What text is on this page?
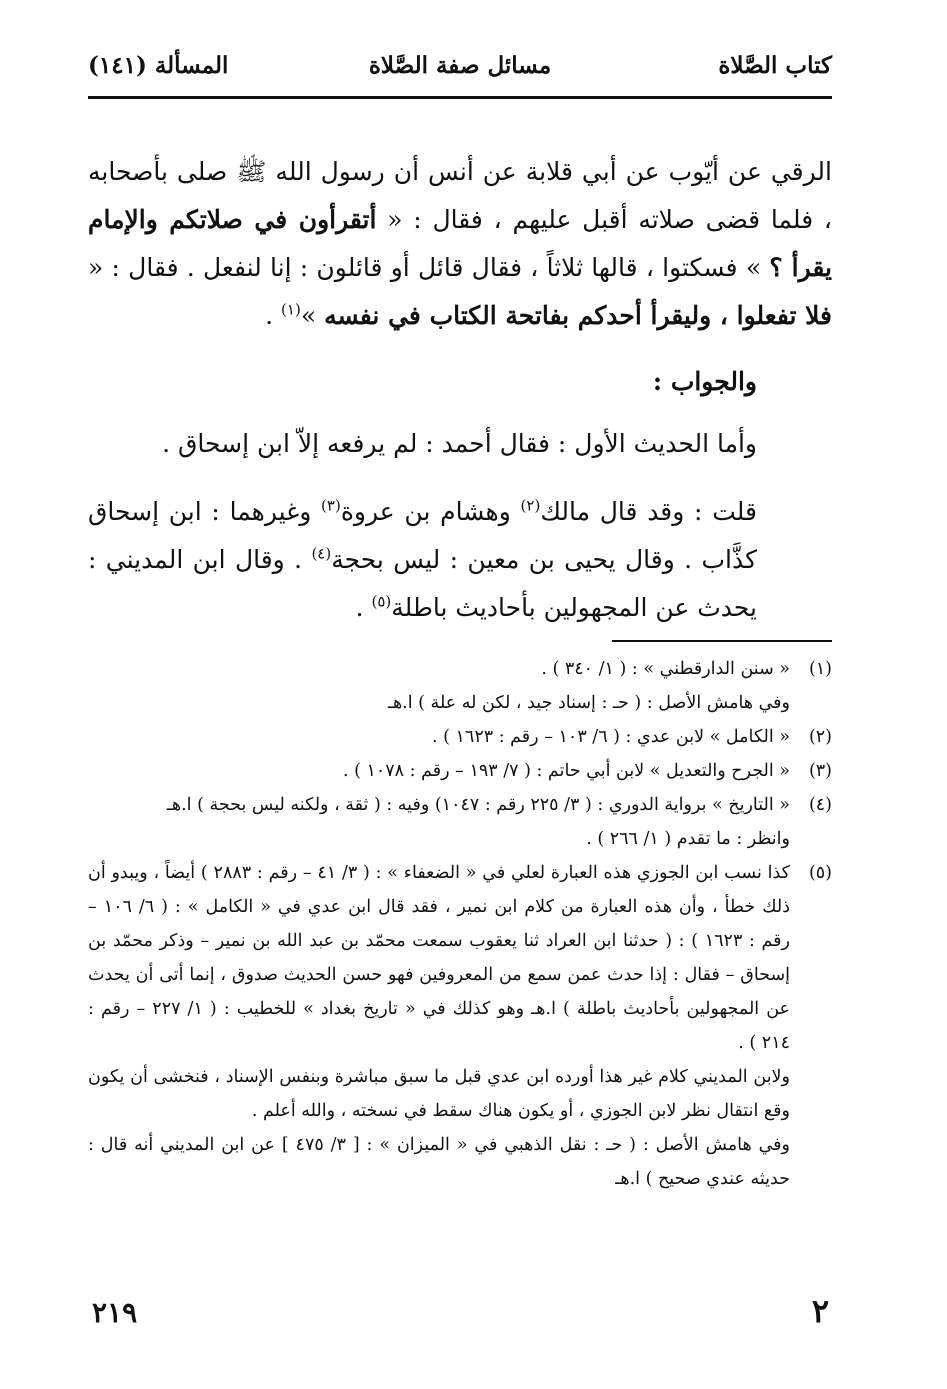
كتاب الصَّلاة
مسائل صفة الصَّلاة
المسألة (١٤١)

الرقي عن أيّوب عن أبي قلابة عن أنس أن رسول الله ﷺ صلى بأصحابه ، فلما قضى صلاته أقبل عليهم ، فقال : « أتقرأون في صلاتكم والإمام يقرأ ؟ » فسكتوا ، قالها ثلاثاً ، فقال قائل أو قائلون : إنا لنفعل . فقال : « فلا تفعلوا ، وليقرأ أحدكم بفاتحة الكتاب في نفسه »$^{(١)}$ .

والجواب :

وأما الحديث الأول : فقال أحمد : لم يرفعه إلاّ ابن إسحاق .

قلت : وقد قال مالك$^{(٢)}$ وهشام بن عروة$^{(٣)}$ وغيرهما : ابن إسحاق كذَّاب . وقال يحيى بن معين : ليس بحجة$^{(٤)}$ . وقال ابن المديني : يحدث عن المجهولين بأحاديث باطلة$^{(٥)}$ .

(١)

« سنن الدارقطني » : ( ١/ ٣٤٠ ) .

وفي هامش الأصل : ( حـ : إسناد جيد ، لكن له علة ) ا.هـ

(٢)

« الكامل » لابن عدي : ( ٦/ ١٠٣ – رقم : ١٦٢٣ ) .

(٣)

« الجرح والتعديل » لابن أبي حاتم : ( ٧/ ١٩٣ – رقم : ١٠٧٨ ) .

(٤)

« التاريخ » برواية الدوري : ( ٣/ ٢٢٥ رقم : ١٠٤٧) وفيه : ( ثقة ، ولكنه ليس بحجة ) ا.هـ

وانظر : ما تقدم ( ١/ ٢٦٦ ) .

(٥)

كذا نسب ابن الجوزي هذه العبارة لعلي في « الضعفاء » : ( ٣/ ٤١ – رقم : ٢٨٨٣ ) أيضاً ، ويبدو أن ذلك خطأ ، وأن هذه العبارة من كلام ابن نمير ، فقد قال ابن عدي في « الكامل » : ( ٦/ ١٠٦ – رقم : ١٦٢٣ ) : ( حدثنا ابن العراد ثنا يعقوب سمعت محمّد بن عبد الله بن نمير – وذكر محمّد بن إسحاق – فقال : إذا حدث عمن سمع من المعروفين فهو حسن الحديث صدوق ، إنما أتى أن يحدث عن المجهولين بأحاديث باطلة ) ا.هـ وهو كذلك في « تاريخ بغداد » للخطيب : ( ١/ ٢٢٧ – رقم : ٢١٤ ) .

ولابن المديني كلام غير هذا أورده ابن عدي قبل ما سبق مباشرة وبنفس الإسناد ، فنخشى أن يكون وقع انتقال نظر لابن الجوزي ، أو يكون هناك سقط في نسخته ، والله أعلم .

وفي هامش الأصل : ( حـ : نقل الذهبي في « الميزان » : [ ٣/ ٤٧٥ ] عن ابن المديني أنه قال : حديثه عندي صحيح ) ا.هـ

٢١٩	٢
